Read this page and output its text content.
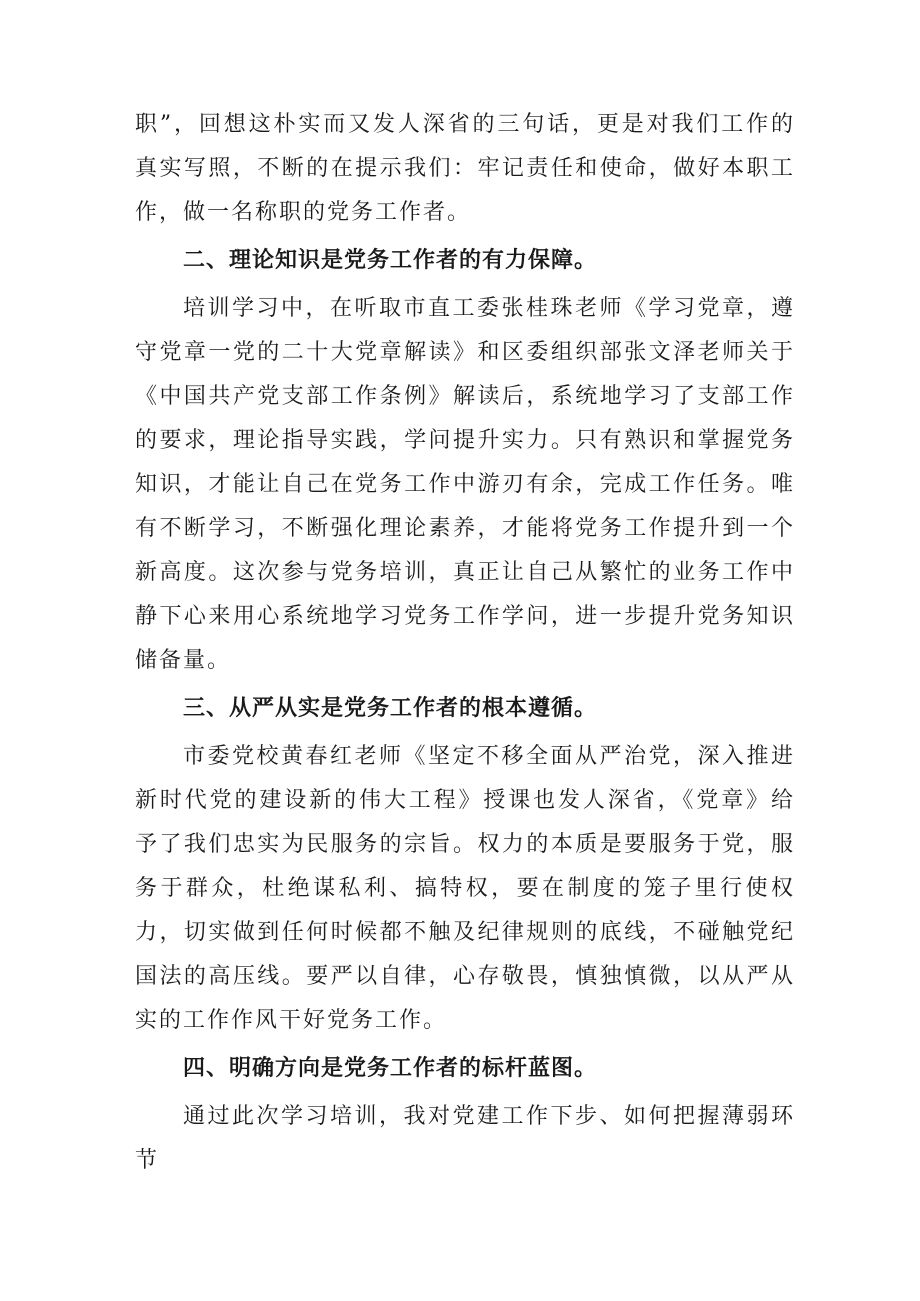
职”，回想这朴实而又发人深省的三句话，更是对我们工作的真实写照，不断的在提示我们：牢记责任和使命，做好本职工作，做一名称职的党务工作者。

二、理论知识是党务工作者的有力保障。

培训学习中，在听取市直工委张桂珠老师《学习党章，遵守党章一党的二十大党章解读》和区委组织部张文泽老师关于《中国共产党支部工作条例》解读后，系统地学习了支部工作的要求，理论指导实践，学问提升实力。只有熟识和掌握党务知识，才能让自己在党务工作中游刃有余，完成工作任务。唯有不断学习，不断强化理论素养，才能将党务工作提升到一个新高度。这次参与党务培训，真正让自己从繁忙的业务工作中静下心来用心系统地学习党务工作学问，进一步提升党务知识储备量。

三、从严从实是党务工作者的根本遵循。

市委党校黄春红老师《坚定不移全面从严治党，深入推进新时代党的建设新的伟大工程》授课也发人深省，《党章》给予了我们忠实为民服务的宗旨。权力的本质是要服务于党，服务于群众，杜绝谋私利、搞特权，要在制度的笼子里行使权力，切实做到任何时候都不触及纪律规则的底线，不碰触党纪国法的高压线。要严以自律，心存敬畏，慎独慎微，以从严从实的工作作风干好党务工作。

四、明确方向是党务工作者的标杆蓝图。

通过此次学习培训，我对党建工作下步、如何把握薄弱环节
